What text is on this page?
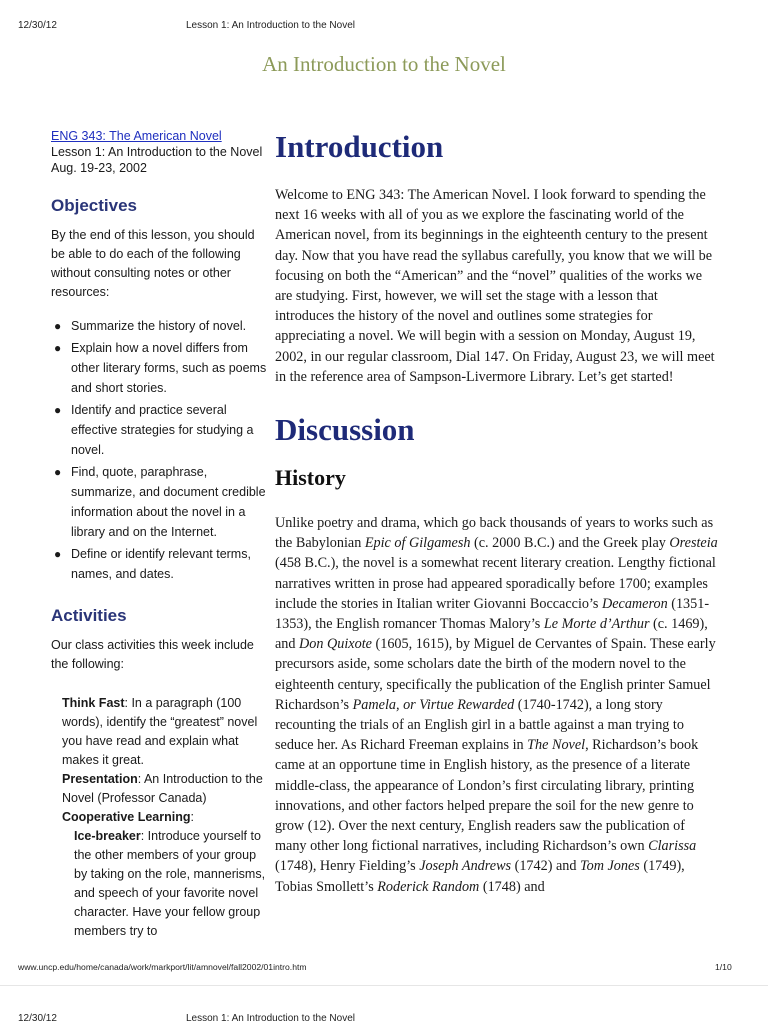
12/30/12	Lesson 1: An Introduction to the Novel
An Introduction to the Novel
ENG 343: The American Novel

Lesson 1: An Introduction to the Novel

Aug. 19-23, 2002

Objectives

By the end of this lesson, you should be able to do each of the following without consulting notes or other resources:

● Summarize the history of novel.
● Explain how a novel differs from other literary forms, such as poems and short stories.
● Identify and practice several effective strategies for studying a novel.
● Find, quote, paraphrase, summarize, and document credible information about the novel in a library and on the Internet.
● Define or identify relevant terms, names, and dates.
Activities

Our class activities this week include the following:

Think Fast: In a paragraph (100 words), identify the “greatest” novel you have read and explain what makes it great.

Presentation: An Introduction to the Novel (Professor Canada)

Cooperative Learning:

Ice-breaker: Introduce yourself to the other members of your group by taking on the role, mannerisms, and speech of your favorite novel character. Have your fellow group members try to

Introduction

Welcome to ENG 343: The American Novel. I look forward to spending the next 16 weeks with all of you as we explore the fascinating world of the American novel, from its beginnings in the eighteenth century to the present day. Now that you have read the syllabus carefully, you know that we will be focusing on both the “American” and the “novel” qualities of the works we are studying. First, however, we will set the stage with a lesson that introduces the history of the novel and outlines some strategies for appreciating a novel. We will begin with a session on Monday, August 19, 2002, in our regular classroom, Dial 147. On Friday, August 23, we will meet in the reference area of Sampson-Livermore Library. Let’s get started!

Discussion
History

Unlike poetry and drama, which go back thousands of years to works such as the Babylonian Epic of Gilgamesh (c. 2000 B.C.) and the Greek play Oresteia (458 B.C.), the novel is a somewhat recent literary creation. Lengthy fictional narratives written in prose had appeared sporadically before 1700; examples include the stories in Italian writer Giovanni Boccaccio’s Decameron (1351-1353), the English romancer Thomas Malory’s Le Morte d’Arthur (c. 1469), and Don Quixote (1605, 1615), by Miguel de Cervantes of Spain. These early precursors aside, some scholars date the birth of the modern novel to the eighteenth century, specifically the publication of the English printer Samuel Richardson’s Pamela, or Virtue Rewarded (1740-1742), a long story recounting the trials of an English girl in a battle against a man trying to seduce her. As Richard Freeman explains in The Novel, Richardson’s book came at an opportune time in English history, as the presence of a literate middle-class, the appearance of London’s first circulating library, printing innovations, and other factors helped prepare the soil for the new genre to grow (12). Over the next century, English readers saw the publication of many other long fictional narratives, including Richardson’s own Clarissa (1748), Henry Fielding’s Joseph Andrews (1742) and Tom Jones (1749), Tobias Smollett’s Roderick Random (1748) and

www.uncp.edu/home/canada/work/markport/lit/amnovel/fall2002/01intro.htm	1/10
12/30/12	Lesson 1: An Introduction to the Novel
